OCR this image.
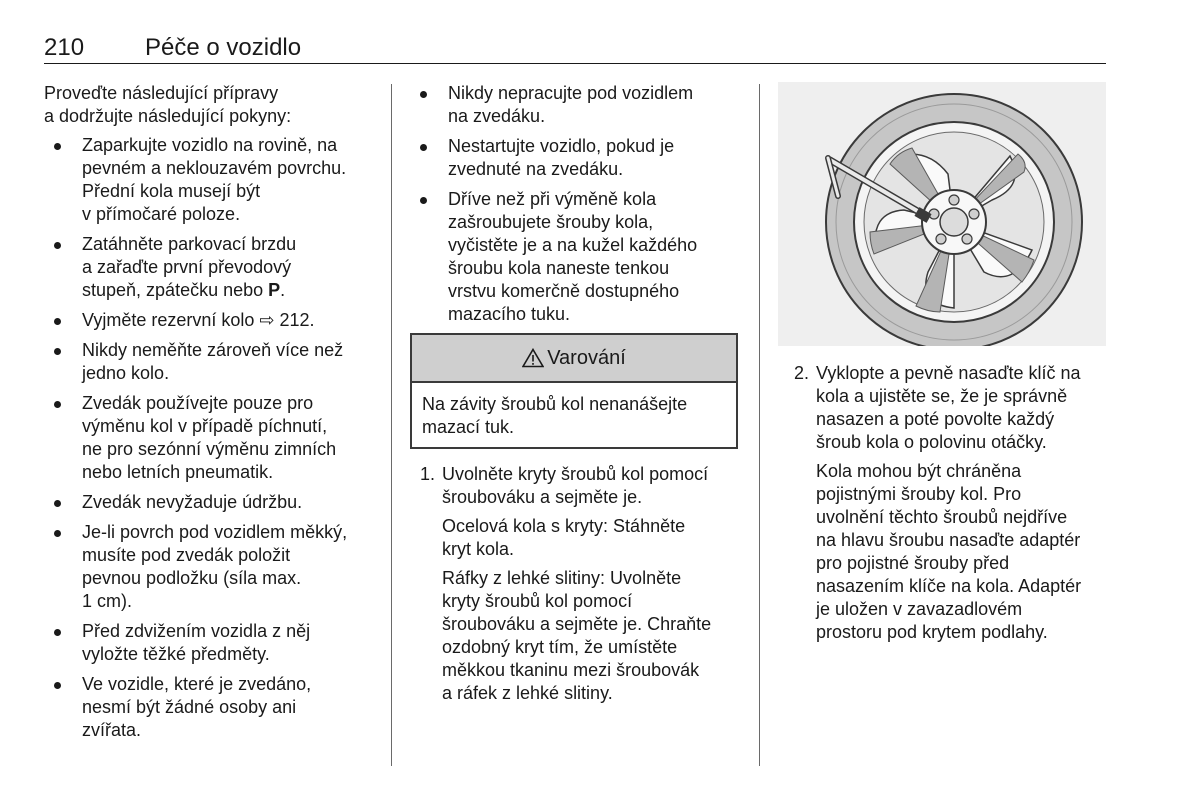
210	Péče o vozidlo

Proveďte následující přípravy
a dodržujte následující pokyny:

Zaparkujte vozidlo na rovině, na
pevném a neklouzavém povrchu.
Přední kola musejí být
v přímočaré poloze.
Zatáhněte parkovací brzdu
a zařaďte první převodový
stupeň, zpátečku nebo P.
Vyjměte rezervní kolo ⇨ 212.
Nikdy neměňte zároveň více než
jedno kolo.
Zvedák používejte pouze pro
výměnu kol v případě píchnutí,
ne pro sezónní výměnu zimních
nebo letních pneumatik.
Zvedák nevyžaduje údržbu.
Je-li povrch pod vozidlem měkký,
musíte pod zvedák položit
pevnou podložku (síla max.
1 cm).
Před zdvižením vozidla z něj
vyložte těžké předměty.
Ve vozidle, které je zvedáno,
nesmí být žádné osoby ani
zvířata.
Nikdy nepracujte pod vozidlem
na zvedáku.
Nestartujte vozidlo, pokud je
zvednuté na zvedáku.
Dříve než při výměně kola
zašroubujete šrouby kola,
vyčistěte je a na kužel každého
šroubu kola naneste tenkou
vrstvu komerčně dostupného
mazacího tuku.
Varování
Na závity šroubů kol nenanášejte
mazací tuk.
1. Uvolněte kryty šroubů kol pomocí
šroubováku a sejměte je.

Ocelová kola s kryty: Stáhněte
kryt kola.

Ráfky z lehké slitiny: Uvolněte
kryty šroubů kol pomocí
šroubováku a sejměte je. Chraňte
ozdobný kryt tím, že umístěte
měkkou tkaninu mezi šroubovák
a ráfek z lehké slitiny.

2. Vyklopte a pevně nasaďte klíč na
kola a ujistěte se, že je správně
nasazen a poté povolte každý
šroub kola o polovinu otáčky.

Kola mohou být chráněna
pojistnými šrouby kol. Pro
uvolnění těchto šroubů nejdříve
na hlavu šroubu nasaďte adaptér
pro pojistné šrouby před
nasazením klíče na kola. Adaptér
je uložen v zavazadlovém
prostoru pod krytem podlahy.
